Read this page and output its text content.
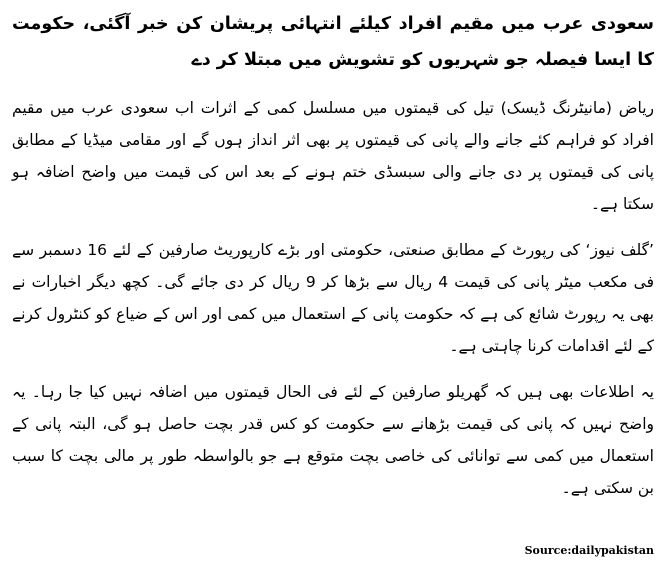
سعودی عرب میں مقیم افراد کیلئے انتہائی پریشان کن خبر آگئی، حکومت کا ایسا فیصلہ جو شہریوں کو تشویش میں مبتلا کر دے

ریاض (مانیٹرنگ ڈیسک) تیل کی قیمتوں میں مسلسل کمی کے اثرات اب سعودی عرب میں مقیم افراد کو فراہم کئے جانے والے پانی کی قیمتوں پر بھی اثر انداز ہوں گے اور مقامی میڈیا کے مطابق پانی کی قیمتوں پر دی جانے والی سبسڈی ختم ہونے کے بعد اس کی قیمت میں واضح اضافہ ہو سکتا ہے۔

’گلف نیوز‘ کی رپورٹ کے مطابق صنعتی، حکومتی اور بڑے کارپوریٹ صارفین کے لئے 16 دسمبر سے فی مکعب میٹر پانی کی قیمت 4 ریال سے بڑھا کر 9 ریال کر دی جائے گی۔ کچھ دیگر اخبارات نے بھی یہ رپورٹ شائع کی ہے کہ حکومت پانی کے استعمال میں کمی اور اس کے ضیاع کو کنٹرول کرنے کے لئے اقدامات کرنا چاہتی ہے۔

یہ اطلاعات بھی ہیں کہ گھریلو صارفین کے لئے فی الحال قیمتوں میں اضافہ نہیں کیا جا رہا۔ یہ واضح نہیں کہ پانی کی قیمت بڑھانے سے حکومت کو کس قدر بچت حاصل ہو گی، البتہ پانی کے استعمال میں کمی سے توانائی کی خاصی بچت متوقع ہے جو بالواسطہ طور پر مالی بچت کا سبب بن سکتی ہے۔

Source:dailypakistan
